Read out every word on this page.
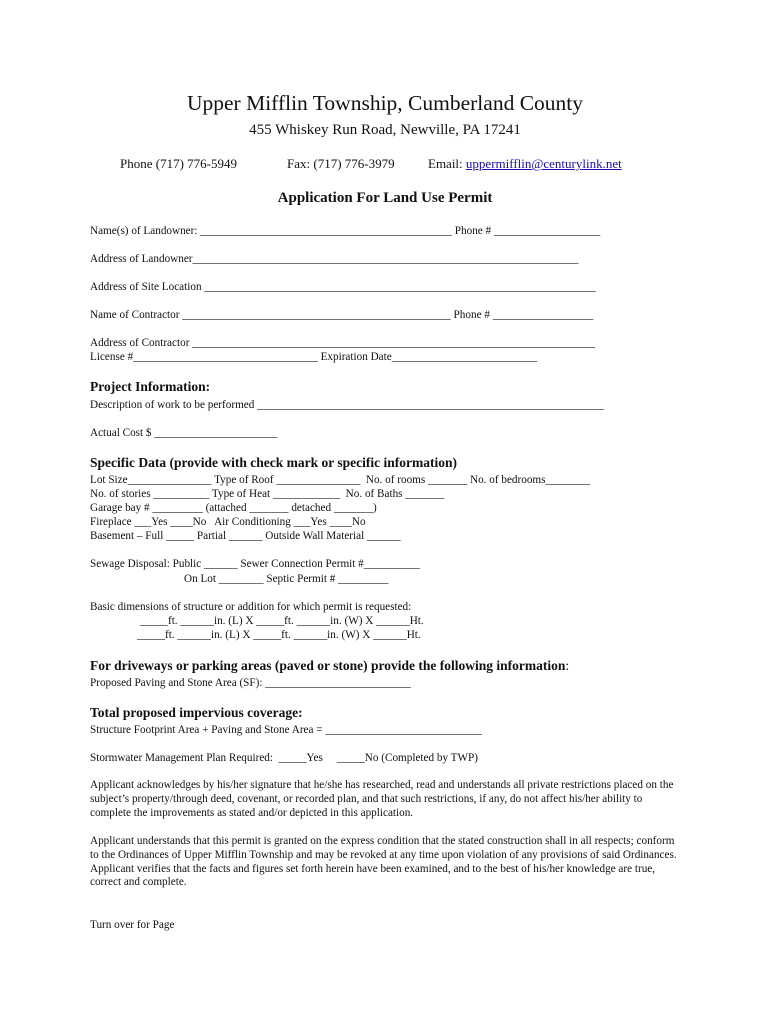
Upper Mifflin Township, Cumberland County
455 Whiskey Run Road, Newville, PA 17241
Phone (717) 776-5949	Fax: (717) 776-3979	Email: uppermifflin@centurylink.net
Application For Land Use Permit
Name(s) of Landowner: _____________________________________________ Phone # ___________________
Address of Landowner_____________________________________________________________________
Address of Site Location ______________________________________________________________________
Name of Contractor ________________________________________________ Phone # __________________
Address of Contractor ________________________________________________________________________
License #_________________________________ Expiration Date__________________________
Project Information:
Description of work to be performed ______________________________________________________________
Actual Cost $ ______________________
Specific Data (provide with check mark or specific information)
Lot Size_______________ Type of Roof _______________  No. of rooms _______ No. of bedrooms________
No. of stories __________ Type of Heat ____________  No. of Baths _______
Garage bay # _________ (attached _______ detached _______)
Fireplace ___Yes ____No   Air Conditioning ___Yes ____No
Basement – Full _____ Partial ______ Outside Wall Material ______
Sewage Disposal: Public ______ Sewer Connection Permit #__________
On Lot ________ Septic Permit # _________
Basic dimensions of structure or addition for which permit is requested:
_____ft. ______in. (L) X _____ft. ______in. (W) X ______Ht.
_____ft. ______in. (L) X _____ft. ______in. (W) X ______Ht.
For driveways or parking areas (paved or stone) provide the following information:
Proposed Paving and Stone Area (SF): __________________________
Total proposed impervious coverage:
Structure Footprint Area + Paving and Stone Area = ____________________________
Stormwater Management Plan Required:  _____Yes     _____No (Completed by TWP)
Applicant acknowledges by his/her signature that he/she has researched, read and understands all private restrictions placed on the subject’s property/through deed, covenant, or recorded plan, and that such restrictions, if any, do not affect his/her ability to complete the improvements as stated and/or depicted in this application.
Applicant understands that this permit is granted on the express condition that the stated construction shall in all respects; conform to the Ordinances of Upper Mifflin Township and may be revoked at any time upon violation of any provisions of said Ordinances. Applicant verifies that the facts and figures set forth herein have been examined, and to the best of his/her knowledge are true, correct and complete.
Turn over for Page
